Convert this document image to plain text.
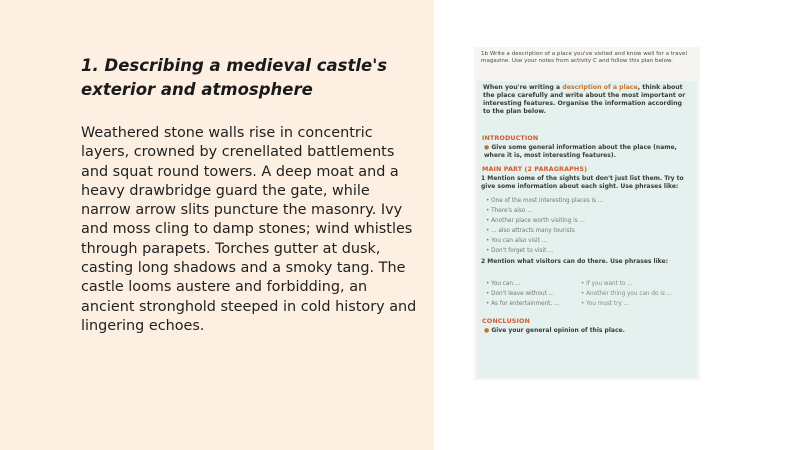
1. Describing a medieval castle's exterior and atmosphere
Weathered stone walls rise in concentric layers, crowned by crenellated battlements and squat round towers. A deep moat and a heavy drawbridge guard the gate, while narrow arrow slits puncture the masonry. Ivy and moss cling to damp stones; wind whistles through parapets. Torches gutter at dusk, casting long shadows and a smoky tang. The castle looms austere and forbidding, an ancient stronghold steeped in cold history and lingering echoes.
1b Write a description of a place you've visited and know well for a travel magazine. Use your notes from activity C and follow this plan below.
When you're writing a description of a place, think about the place carefully and write about the most important or interesting features. Organise the information according to the plan below.
INTRODUCTION
● Give some general information about the place (name, where it is, most interesting features).
MAIN PART (2 PARAGRAPHS)
1 Mention some of the sights but don't just list them. Try to give some information about each sight. Use phrases like:
• One of the most interesting places is ...
• There's also ...
• Another place worth visiting is ...
• ... also attracts many tourists
• You can also visit ...
• Don't forget to visit ...
2 Mention what visitors can do there. Use phrases like:
• You can ...
• Don't leave without ...
• As for entertainment, ...
• If you want to ...
• Another thing you can do is ...
• You must try ...
CONCLUSION
● Give your general opinion of this place.
